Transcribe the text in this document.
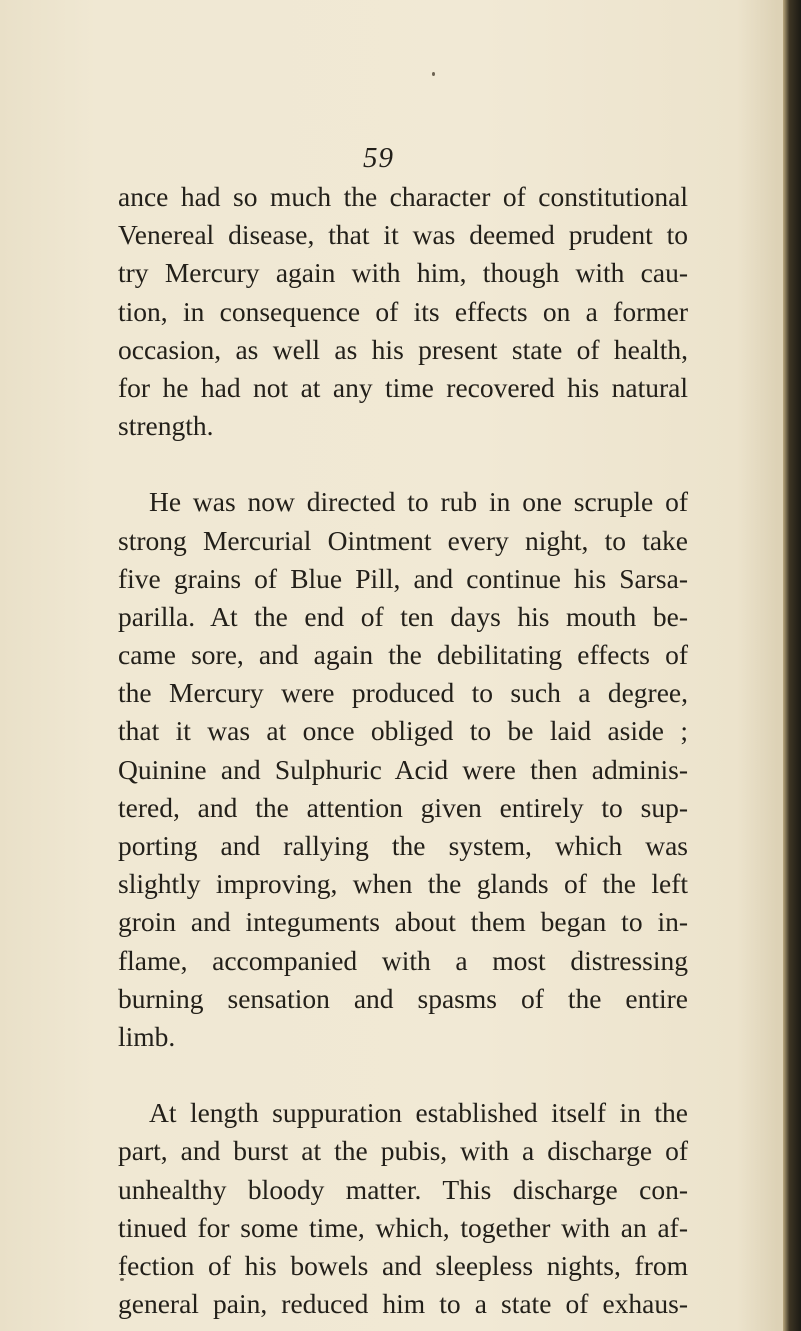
59
ance had so much the character of constitutional
Venereal disease, that it was deemed prudent to
try Mercury again with him, though with cau-
tion, in consequence of its effects on a former
occasion, as well as his present state of health,
for he had not at any time recovered his natural
strength.
He was now directed to rub in one scruple of
strong Mercurial Ointment every night, to take
five grains of Blue Pill, and continue his Sarsa-
parilla. At the end of ten days his mouth be-
came sore, and again the debilitating effects of
the Mercury were produced to such a degree,
that it was at once obliged to be laid aside ;
Quinine and Sulphuric Acid were then adminis-
tered, and the attention given entirely to sup-
porting and rallying the system, which was
slightly improving, when the glands of the left
groin and integuments about them began to in-
flame, accompanied with a most distressing
burning sensation and spasms of the entire
limb.
At length suppuration established itself in the
part, and burst at the pubis, with a discharge of
unhealthy bloody matter. This discharge con-
tinued for some time, which, together with an af-
fection of his bowels and sleepless nights, from
general pain, reduced him to a state of exhaus-
